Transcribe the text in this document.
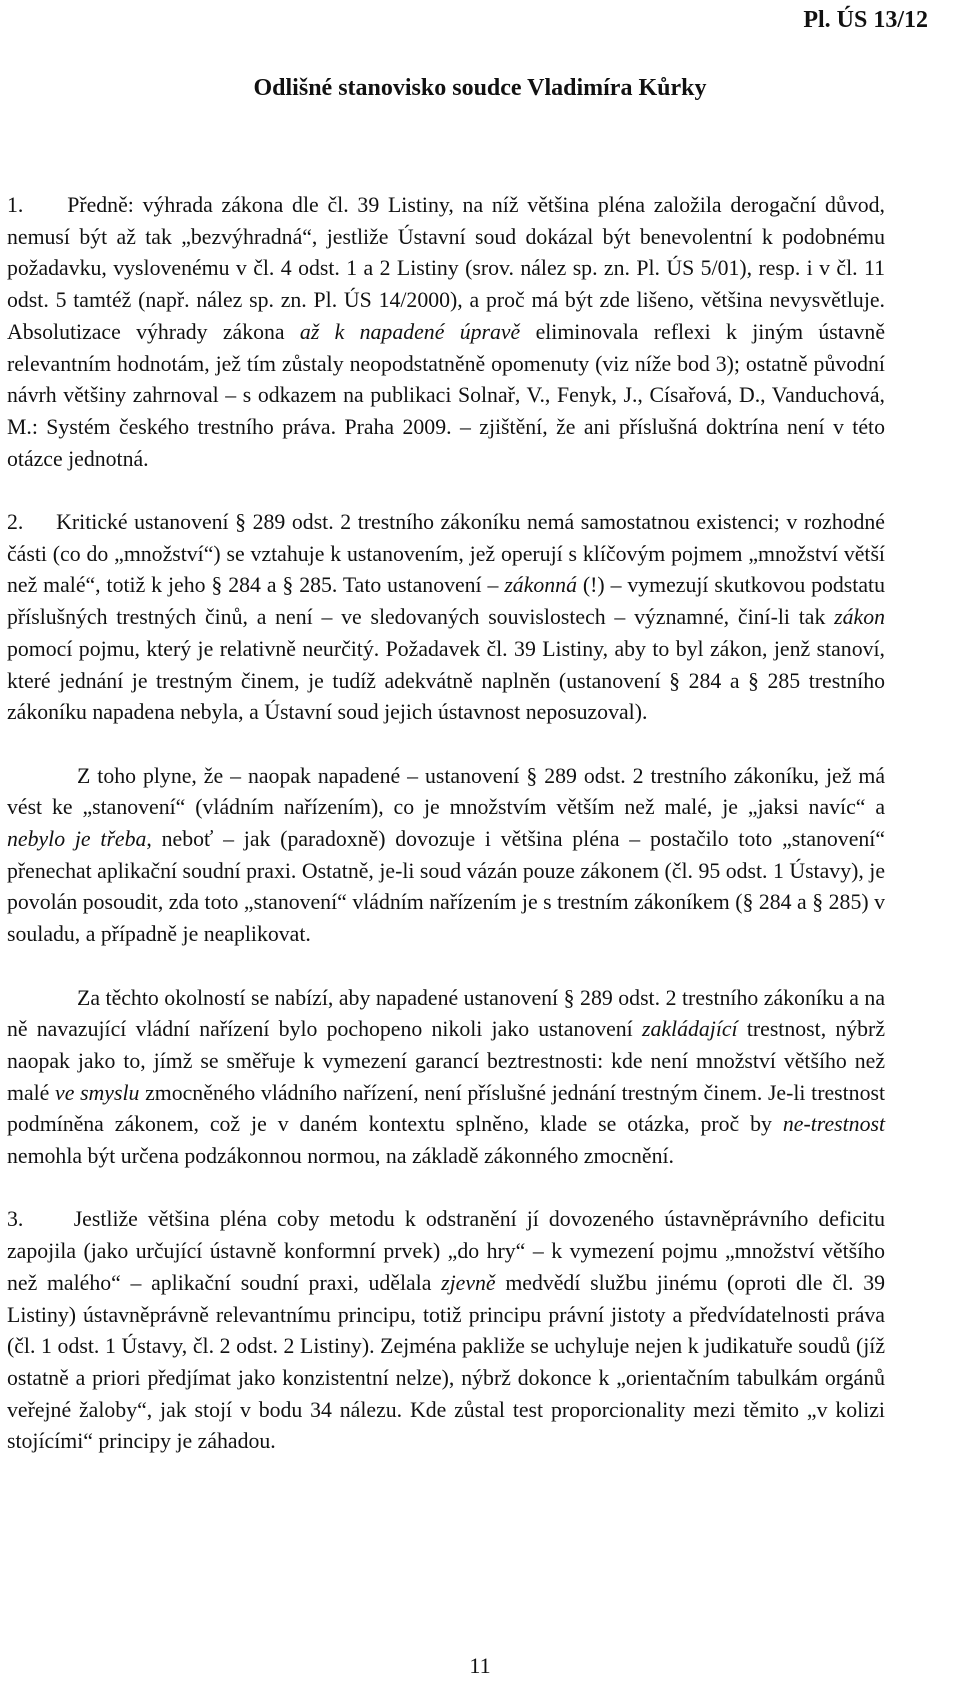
Pl. ÚS 13/12
Odlišné stanovisko soudce Vladimíra Kůrky

1.     Předně: výhrada zákona dle čl. 39 Listiny, na níž většina pléna založila derogační důvod, nemusí být až tak „bezvýhradná“, jestliže Ústavní soud dokázal být benevolentní k podobnému požadavku, vyslovenému v čl. 4 odst. 1 a 2 Listiny (srov. nález sp. zn. Pl. ÚS 5/01), resp. i v čl. 11 odst. 5 tamtéž (např. nález sp. zn. Pl. ÚS 14/2000), a proč má být zde lišeno, většina nevysvětluje. Absolutizace výhrady zákona až k napadené úpravě eliminovala reflexi k jiným ústavně relevantním hodnotám, jež tím zůstaly neopodstatněně opomenuty (viz níže bod 3); ostatně původní návrh většiny zahrnoval – s odkazem na publikaci Solnař, V., Fenyk, J., Císařová, D., Vanduchová, M.: Systém českého trestního práva. Praha 2009. – zjištění, že ani příslušná doktrína není v této otázce jednotná.

2.     Kritické ustanovení § 289 odst. 2 trestního zákoníku nemá samostatnou existenci; v rozhodné části (co do „množství“) se vztahuje k ustanovením, jež operují s klíčovým pojmem „množství větší než malé“, totiž k jeho § 284 a § 285. Tato ustanovení – zákonná (!) – vymezují skutkovou podstatu příslušných trestných činů, a není – ve sledovaných souvislostech – významné, činí-li tak zákon pomocí pojmu, který je relativně neurčitý. Požadavek čl. 39 Listiny, aby to byl zákon, jenž stanoví, které jednání je trestným činem, je tudíž adekvátně naplněn (ustanovení § 284 a § 285 trestního zákoníku napadena nebyla, a Ústavní soud jejich ústavnost neposuzoval).

Z toho plyne, že – naopak napadené – ustanovení § 289 odst. 2 trestního zákoníku, jež má vést ke „stanovení“ (vládním nařízením), co je množstvím větším než malé, je „jaksi navíc“ a nebylo je třeba, neboť – jak (paradoxně) dovozuje i většina pléna – postačilo toto „stanovení“ přenechat aplikační soudní praxi. Ostatně, je-li soud vázán pouze zákonem (čl. 95 odst. 1 Ústavy), je povolán posoudit, zda toto „stanovení“ vládním nařízením je s trestním zákoníkem (§ 284 a § 285) v souladu, a případně je neaplikovat.

Za těchto okolností se nabízí, aby napadené ustanovení § 289 odst. 2 trestního zákoníku a na ně navazující vládní nařízení bylo pochopeno nikoli jako ustanovení zakládající trestnost, nýbrž naopak jako to, jímž se směřuje k vymezení garancí beztrestnosti: kde není množství většího než malé ve smyslu zmocněného vládního nařízení, není příslušné jednání trestným činem. Je-li trestnost podmíněna zákonem, což je v daném kontextu splněno, klade se otázka, proč by ne-trestnost nemohla být určena podzákonnou normou, na základě zákonného zmocnění.

3.     Jestliže většina pléna coby metodu k odstranění jí dovozeného ústavněprávního deficitu zapojila (jako určující ústavně konformní prvek) „do hry“ – k vymezení pojmu „množství většího než malého“ – aplikační soudní praxi, udělala zjevně medvědí službu jinému (oproti dle čl. 39 Listiny) ústavněprávně relevantnímu principu, totiž principu právní jistoty a předvídatelnosti práva (čl. 1 odst. 1 Ústavy, čl. 2 odst. 2 Listiny). Zejména pakliže se uchyluje nejen k judikatuře soudů (jíž ostatně a priori předjímat jako konzistentní nelze), nýbrž dokonce k „orientačním tabulkám orgánů veřejné žaloby“, jak stojí v bodu 34 nálezu. Kde zůstal test proporcionality mezi těmito „v kolizi stojícími“ principy je záhadou.

11
